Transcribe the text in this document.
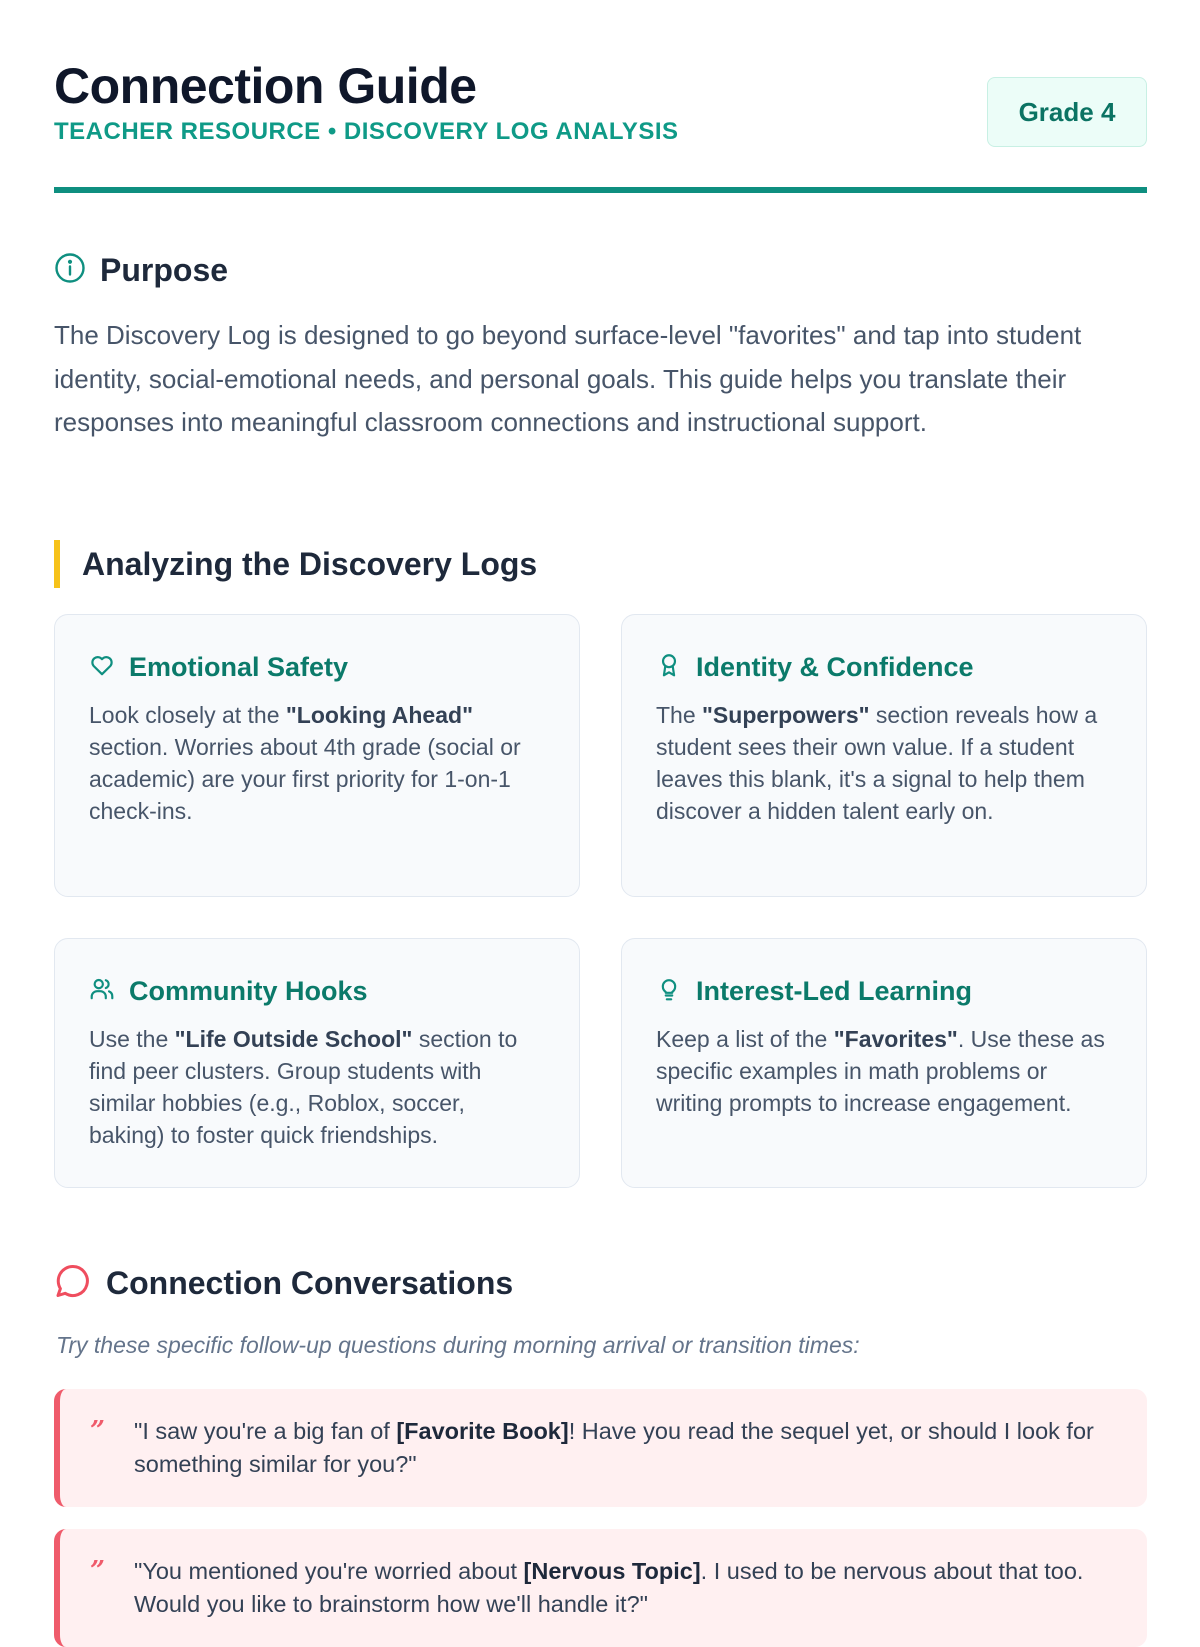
Connection Guide
TEACHER RESOURCE • DISCOVERY LOG ANALYSIS
Grade 4
Purpose

The Discovery Log is designed to go beyond surface-level "favorites" and tap into student identity, social-emotional needs, and personal goals. This guide helps you translate their responses into meaningful classroom connections and instructional support.

Analyzing the Discovery Logs
Emotional Safety

Look closely at the "Looking Ahead" section. Worries about 4th grade (social or academic) are your first priority for 1-on-1 check-ins.

Identity & Confidence

The "Superpowers" section reveals how a student sees their own value. If a student leaves this blank, it's a signal to help them discover a hidden talent early on.

Community Hooks

Use the "Life Outside School" section to find peer clusters. Group students with similar hobbies (e.g., Roblox, soccer, baking) to foster quick friendships.

Interest-Led Learning

Keep a list of the "Favorites". Use these as specific examples in math problems or writing prompts to increase engagement.

Connection Conversations

Try these specific follow-up questions during morning arrival or transition times:

” "I saw you're a big fan of [Favorite Book]! Have you read the sequel yet, or should I look for something similar for you?"
” "You mentioned you're worried about [Nervous Topic]. I used to be nervous about that too. Would you like to brainstorm how we'll handle it?"
